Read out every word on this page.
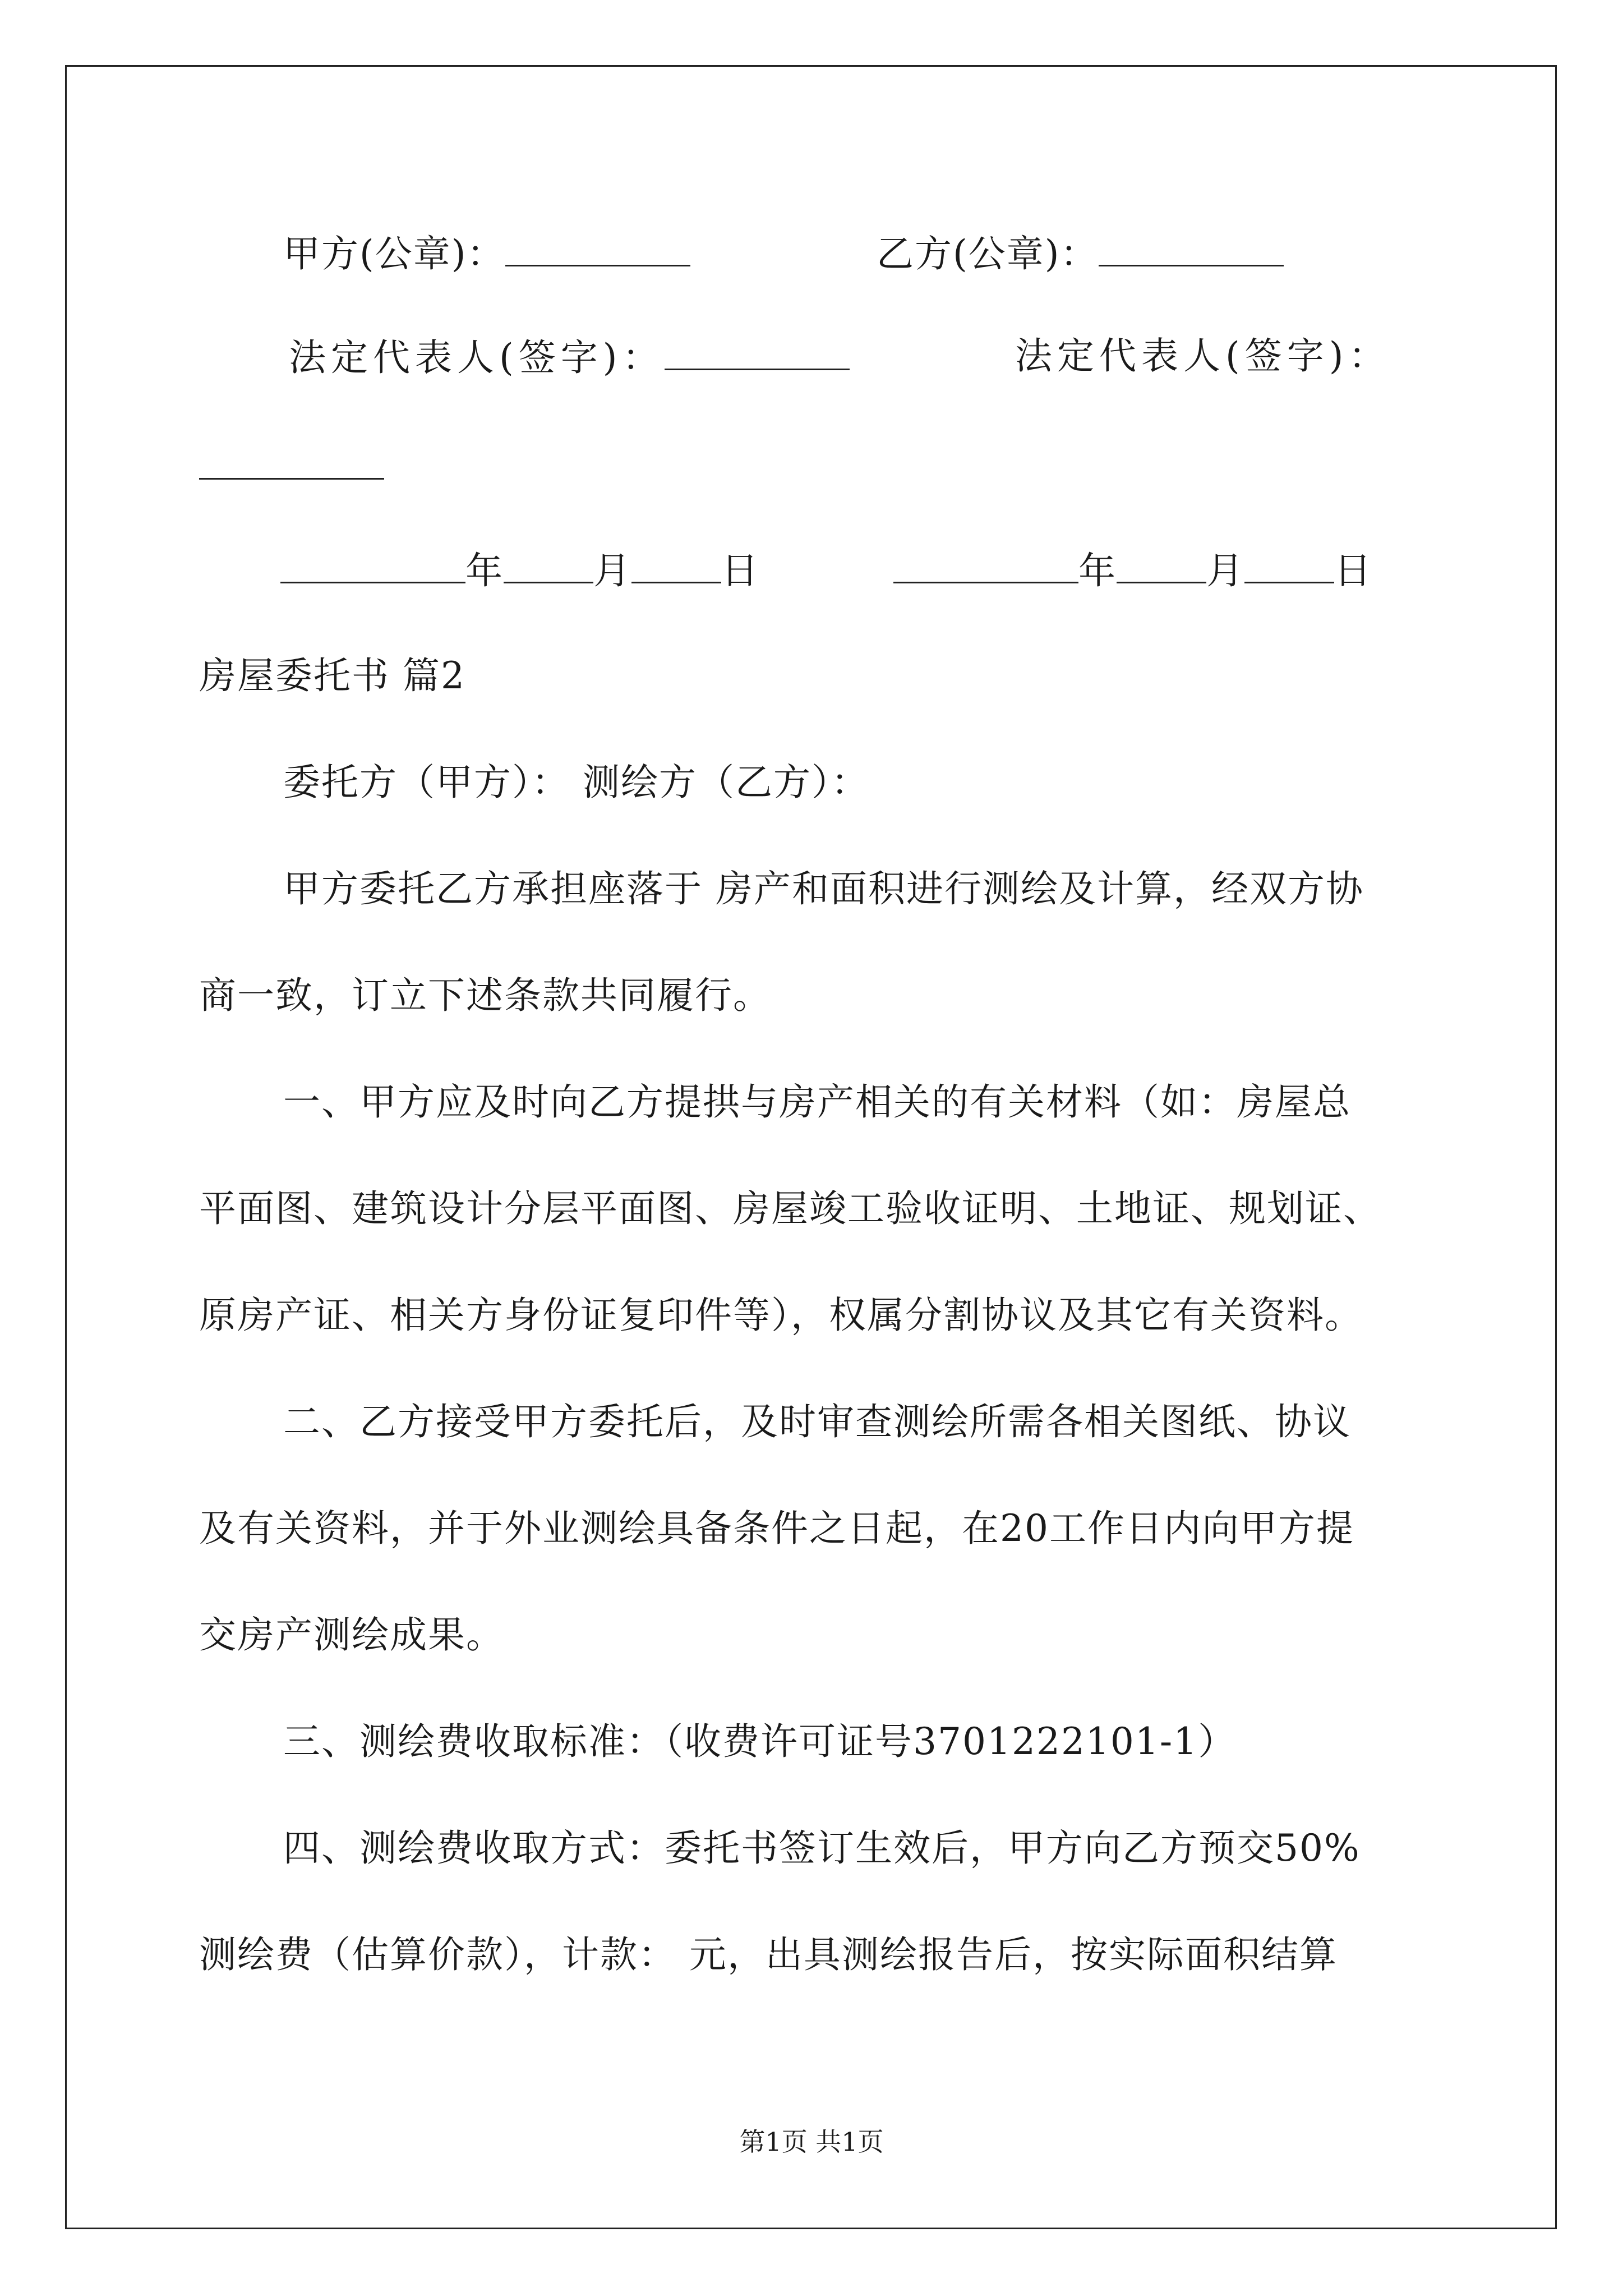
甲方(公章)：	乙方(公章)：
法定代表人(签字)：	法定代表人(签字)：
年 月 日	年 月 日
房屋委托书 篇2
委托方（甲方）： 测绘方（乙方）：
甲方委托乙方承担座落于 房产和面积进行测绘及计算，经双方协
商一致，订立下述条款共同履行。
一、甲方应及时向乙方提拱与房产相关的有关材料（如：房屋总
平面图、建筑设计分层平面图、房屋竣工验收证明、土地证、规划证、
原房产证、相关方身份证复印件等），权属分割协议及其它有关资料。
二、乙方接受甲方委托后，及时审查测绘所需各相关图纸、协议
及有关资料，并于外业测绘具备条件之日起，在20工作日内向甲方提
交房产测绘成果。
三、测绘费收取标准：（收费许可证号3701222101-1）
四、测绘费收取方式：委托书签订生效后，甲方向乙方预交50%
测绘费（估算价款），计款： 元，出具测绘报告后，按实际面积结算
第1页 共1页
